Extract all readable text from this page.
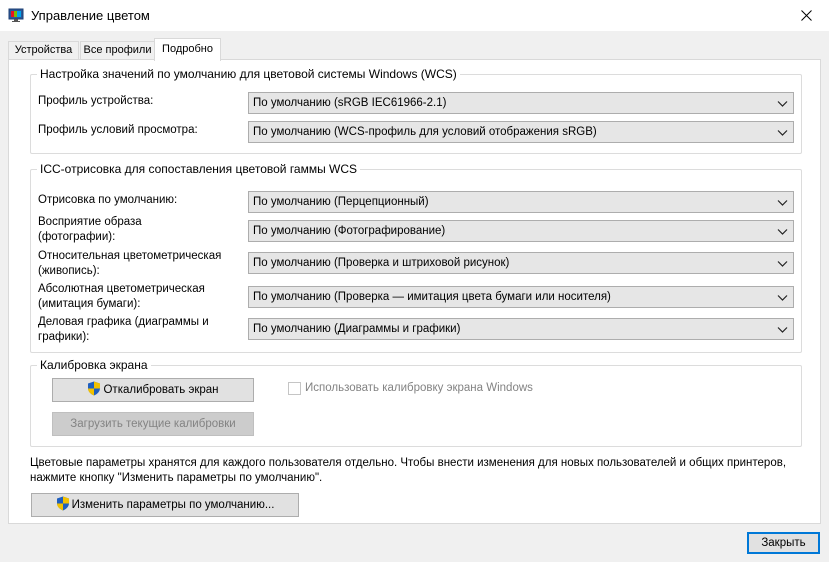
Управление цветом
Устройства	Все профили Подробно
Настройка значений по умолчанию для цветовой системы Windows (WCS)
Профиль устройства:	По умолчанию (sRGB IEC61966-2.1)
Профиль условий просмотра:	По умолчанию (WCS-профиль для условий отображения sRGB)
ICC-отрисовка для сопоставления цветовой гаммы WCS
Отрисовка по умолчанию:	По умолчанию (Перцепционный)
Восприятие образа (фотографии):	По умолчанию (Фотографирование)
Относительная цветометрическая (живопись):
По умолчанию (Проверка и штриховой рисунок)
Абсолютная цветометрическая (имитация бумаги):
По умолчанию (Проверка — имитация цвета бумаги или носителя)
Деловая графика (диаграммы и графики):
По умолчанию (Диаграммы и графики)
Калибровка экрана
Откалибровать экран
Загрузить текущие калибровки
Использовать калибровку экрана Windows
Цветовые параметры хранятся для каждого пользователя отдельно. Чтобы внести изменения для новых пользователей и общих принтеров, нажмите кнопку "Изменить параметры по умолчанию".
Изменить параметры по умолчанию...
Закрыть
